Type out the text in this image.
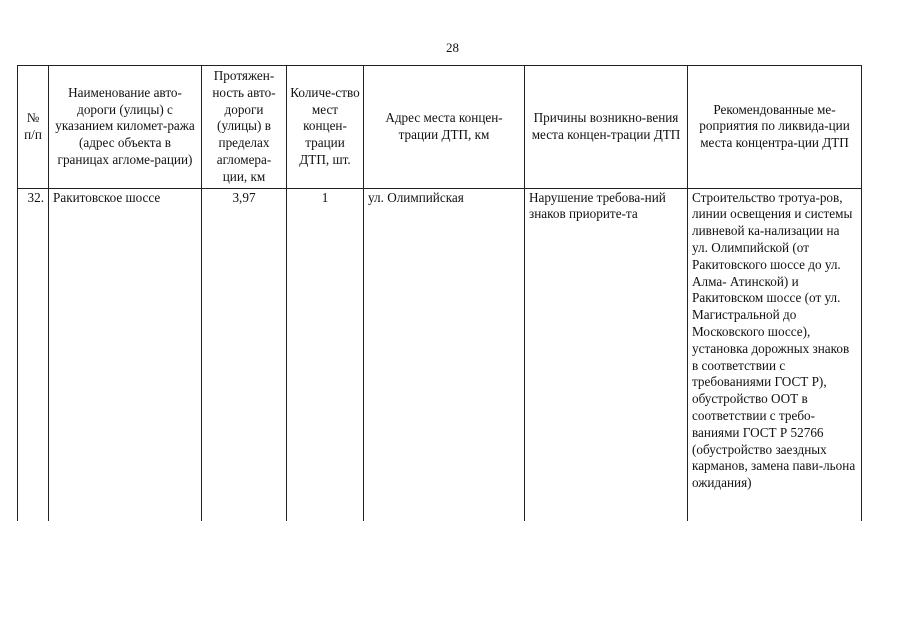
28
№ п/п	Наименование авто-дороги (улицы) с указанием километ-ража (адрес объекта в границах агломе-рации)	Протяжен-ность авто-дороги (улицы) в пределах агломера-ции, км	Количе-ство мест концен-трации ДТП, шт.	Адрес места концен-трации ДТП, км	Причины возникно-вения места концен-трации ДТП	Рекомендованные ме-роприятия по ликвида-ции места концентра-ции ДТП
32.	Ракитовское шоссе	3,97	1	ул. Олимпийская	Нарушение требова-ний знаков приорите-та	Строительство тротуа-ров, линии освещения и системы ливневой ка-нализации на ул. Олимпийской (от Ракитовского шоссе до ул. Алма- Атинской) и Ракитовском шоссе (от ул. Магистральной до Московского шоссе), установка дорожных знаков в соответствии с требованиями ГОСТ Р), обустройство ООТ в соответствии с требо-ваниями ГОСТ Р 52766 (обустройство заездных карманов, замена пави-льона ожидания)
